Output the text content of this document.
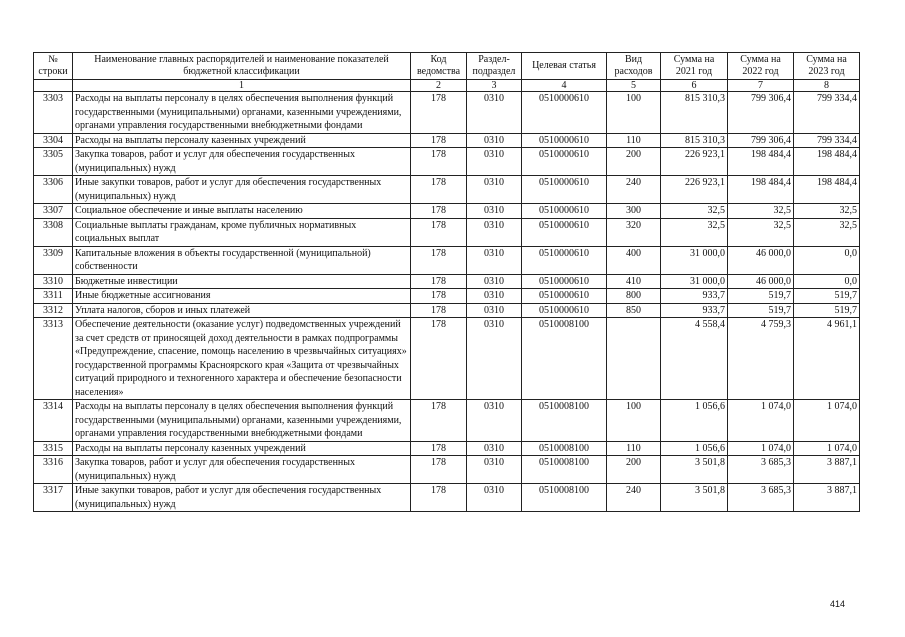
№ строки	Наименование главных распорядителей и наименование показателей бюджетной классификации	Код ведомства	Раздел-подраздел	Целевая статья	Вид расходов	Сумма на 2021 год	Сумма на 2022 год	Сумма на 2023 год
	1	2	3	4	5	6	7	8
3303	Расходы на выплаты персоналу в целях обеспечения выполнения функций государственными (муниципальными) органами, казенными учреждениями, органами управления государственными внебюджетными фондами	178	0310	0510000610	100	815 310,3	799 306,4	799 334,4
3304	Расходы на выплаты персоналу казенных учреждений	178	0310	0510000610	110	815 310,3	799 306,4	799 334,4
3305	Закупка товаров, работ и услуг для обеспечения государственных (муниципальных) нужд	178	0310	0510000610	200	226 923,1	198 484,4	198 484,4
3306	Иные закупки товаров, работ и услуг для обеспечения государственных (муниципальных) нужд	178	0310	0510000610	240	226 923,1	198 484,4	198 484,4
3307	Социальное обеспечение и иные выплаты населению	178	0310	0510000610	300	32,5	32,5	32,5
3308	Социальные выплаты гражданам, кроме публичных нормативных социальных выплат	178	0310	0510000610	320	32,5	32,5	32,5
3309	Капитальные вложения в объекты государственной (муниципальной) собственности	178	0310	0510000610	400	31 000,0	46 000,0	0,0
3310	Бюджетные инвестиции	178	0310	0510000610	410	31 000,0	46 000,0	0,0
3311	Иные бюджетные ассигнования	178	0310	0510000610	800	933,7	519,7	519,7
3312	Уплата налогов, сборов и иных платежей	178	0310	0510000610	850	933,7	519,7	519,7
3313	Обеспечение деятельности (оказание услуг) подведомственных учреждений за счет средств от приносящей доход деятельности в рамках подпрограммы «Предупреждение, спасение, помощь населению в чрезвычайных ситуациях» государственной программы Красноярского края «Защита от чрезвычайных ситуаций природного и техногенного характера и обеспечение безопасности населения»	178	0310	0510008100		4 558,4	4 759,3	4 961,1
3314	Расходы на выплаты персоналу в целях обеспечения выполнения функций государственными (муниципальными) органами, казенными учреждениями, органами управления государственными внебюджетными фондами	178	0310	0510008100	100	1 056,6	1 074,0	1 074,0
3315	Расходы на выплаты персоналу казенных учреждений	178	0310	0510008100	110	1 056,6	1 074,0	1 074,0
3316	Закупка товаров, работ и услуг для обеспечения государственных (муниципальных) нужд	178	0310	0510008100	200	3 501,8	3 685,3	3 887,1
3317	Иные закупки товаров, работ и услуг для обеспечения государственных (муниципальных) нужд	178	0310	0510008100	240	3 501,8	3 685,3	3 887,1
414
